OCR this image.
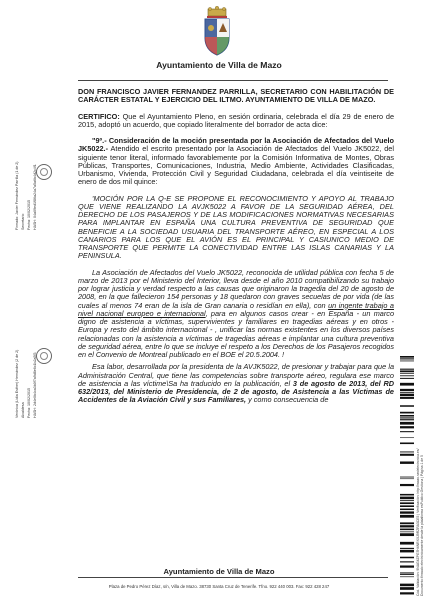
Ayuntamiento de Villa de Mazo

DON FRANCISCO JAVIER FERNANDEZ PARRILLA, SECRETARIO CON HABILITACIÓN DE CARÁCTER ESTATAL Y EJERCICIO DEL ILTMO. AYUNTAMIENTO DE VILLA DE MAZO.

CERTIFICO: Que el Ayuntamiento Pleno, en sesión ordinaria, celebrada el día 29 de enero de 2015, adoptó un acuerdo, que copiado literalmente del borrador de acta dice:

"9º.- Consideración de la moción presentada por la Asociación de Afectados del Vuelo JK5022.- Atendido el escrito presentado por la Asociación de Afectados del Vuelo JK5022, del siguiente tenor literal, informado favorablemente por la Comisión Informativa de Montes, Obras Públicas, Transportes, Comunicaciones, Industria, Medio Ambiente, Actividades Clasificadas, Urbanismo, Vivienda, Protección Civil y Seguridad Ciudadana, celebrada el día veintiseite de enero de dos mil quince:

'MOCIÓN POR LA Q-E SE PROPONE EL RECONOCIMIENTO Y APOYO AL TRABAJO QUE VIENE REALIZANDO LA AVJK5022 A FAVOR DE LA SEGURIDAD AÉREA, DEL DERECHO DE LOS PASAJEROS Y DE LAS MODIFICACIONES NORMATIVAS NECESARIAS PARA IMPLANTAR EN ESPAÑA UNA CULTURA PREVENTIVA DE SEGURIDAD QUE BENEFICIE A LA SOCIEDAD USUARIA DEL TRANSPORTE AÉREO, EN ESPECIAL A LOS CANARIOS PARA LOS QUE EL AVIÓN ES EL PRINCIPAL Y CASIUNICO MEDIO DE TRANSPORTE QUE PERMITE LA CONECTIVIDAD ENTRE LAS ISLAS CANARIAS Y LA PENINSULA.

La Asociación de Afectados del Vuelo JK5022, reconocida de utilidad pública con fecha 5 de marzo de 2013 por el Ministerio del Interior, lleva desde el año 2010 compatibilizando su trabajo por lograr justicia y verdad respecto a las causas que originaron la tragedia del 20 de agosto de 2008, en la que fallecieron 154 personas y 18 quedaron con graves secuelas de por vida (de las cuales al menos 74 eran de la isla de Gran canaria o residían en ella), con un ingente trabajo a nivel nacional europeo e internacional, para en algunos casos crear - en España - un marco digno de asistencia a víctimas, supervivientes y familiares en tragedias aéreas y en otros - Europa y resto del ámbito internacional - , unificar las normas existentes en los diversos países relacionadas con la asistencia a víctimas de tragedias aéreas e implantar una cultura preventiva de seguridad aérea, entre lo que se incluye el respeto a los Derechos de los Pasajeros recogidos en el Convenio de Montreal publicado en el BOE el 20.5.2004. !

Esa labor, desarrollada por la presidenta de la AVJK5022, de presionar y trabajar para que la Administración Central, que tiene las competencias sobre transporte aéreo, regulara ese marco de asistencia a las víctime\Sa ha traducido en la publicación, el 3 de agosto de 2013, del RD 632/2013, del Ministerio de Presidencia, de 2 de agosto, de Asistencia a las Víctimas de Accidentes de la Aviación Civil y sus Familiares, y como consecuencia de

Ayuntamiento de Villa de Mazo
Plaza de Pedro Pérez Díaz, s/n, Villa de Mazo. 38730 Santa Cruz de Tenerife. Tfno. 922 440 003. Fax: 922 428 247
Firmado: Javier Fernández Parrilla (1 de 2) Secretario Fecha: 10/02/2015 HASH: 04a09ed1f86a24a7a5a6b4d2c4f1
Verónica (Lidia Esther) Hernández (2 de 2) Alcaldesa Fecha: 10/02/2015 HASH: 2d4e0b4ca3b0f7a9d8e6c1b2a5f3
Cód. Validación: 9NAG4ZPG7H4NRXXJ9RZRA3CE5 | Verificación: http://mazo.sedelectronica.es/ Documento firmado electrónicamente desde la plataforma esPublico Gestiona | Página 1 de 5
